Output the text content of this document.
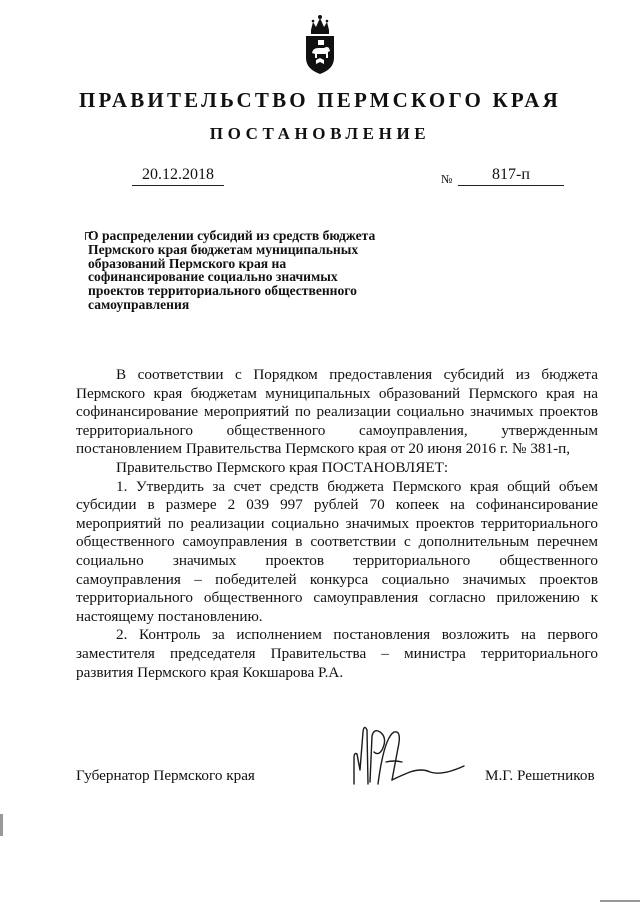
ПРАВИТЕЛЬСТВО ПЕРМСКОГО КРАЯ
ПОСТАНОВЛЕНИЕ
20.12.2018	№	817-п

О распределении субсидий из средств бюджета Пермского края бюджетам муниципальных образований Пермского края на софинансирование социально значимых проектов территориального общественного самоуправления

В соответствии с Порядком предоставления субсидий из бюджета Пермского края бюджетам муниципальных образований Пермского края на софинансирование мероприятий по реализации социально значимых проектов территориального общественного самоуправления, утвержденным постановлением Правительства Пермского края от 20 июня 2016 г. № 381-п,

Правительство Пермского края ПОСТАНОВЛЯЕТ:

1. Утвердить за счет средств бюджета Пермского края общий объем субсидии в размере 2 039 997 рублей 70 копеек на софинансирование мероприятий по реализации социально значимых проектов территориального общественного самоуправления в соответствии с дополнительным перечнем социально значимых проектов территориального общественного самоуправления – победителей конкурса социально значимых проектов территориального общественного самоуправления согласно приложению к настоящему постановлению.

2. Контроль за исполнением постановления возложить на первого заместителя председателя Правительства – министра территориального развития Пермского края Кокшарова Р.А.

Губернатор Пермского края	М.Г. Решетников
